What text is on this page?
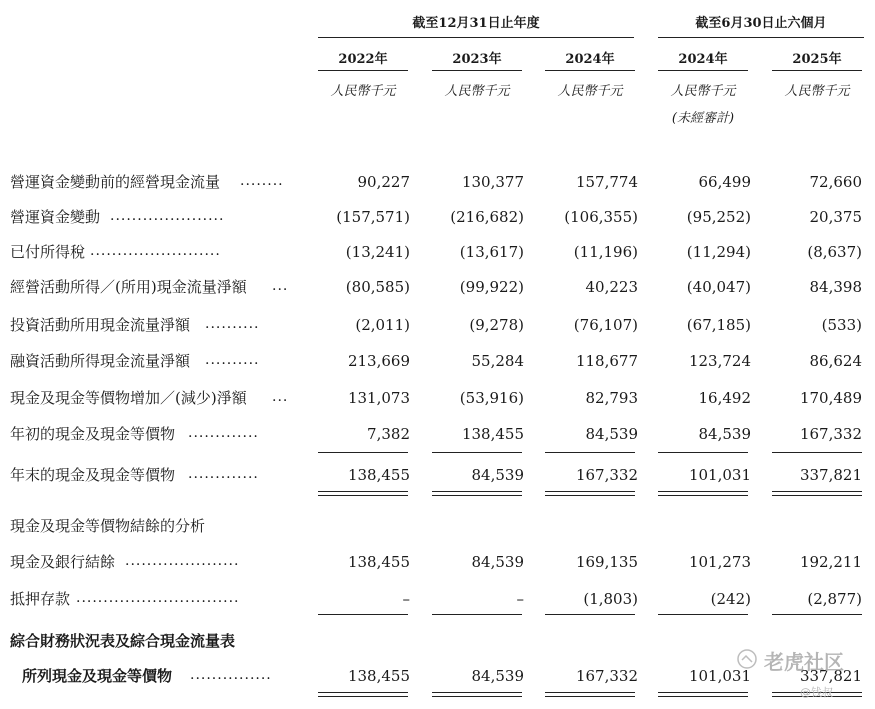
截至12月31日止年度	截至6月30日止六個月
2022年	2023年	2024年	2024年	2025年
人民幣千元	人民幣千元	人民幣千元	人民幣千元	人民幣千元
(未經審計)
營運資金變動前的經營現金流量 ........	90,227	130,377	157,774	66,499	72,660
營運資金變動 .....................	(157,571)	(216,682)	(106,355)	(95,252)	20,375
已付所得稅 ........................	(13,241)	(13,617)	(11,196)	(11,294)	(8,637)
經營活動所得／(所用)現金流量淨額 ...	(80,585)	(99,922)	40,223	(40,047)	84,398
投資活動所用現金流量淨額 ..........	(2,011)	(9,278)	(76,107)	(67,185)	(533)
融資活動所得現金流量淨額 ..........	213,669	55,284	118,677	123,724	86,624
現金及現金等價物增加／(減少)淨額 ...	131,073	(53,916)	82,793	16,492	170,489
年初的現金及現金等價物 .............	7,382	138,455	84,539	84,539	167,332
年末的現金及現金等價物 .............	138,455	84,539	167,332	101,031	337,821
現金及現金等價物結餘的分析
現金及銀行結餘 .....................	138,455	84,539	169,135	101,273	192,211
抵押存款 ..............................	–	–	(1,803)	(242)	(2,877)
綜合財務狀況表及綜合現金流量表
所列現金及現金等價物 ...............	138,455	84,539	167,332	101,031	337,821
老虎社区
@钱叔
